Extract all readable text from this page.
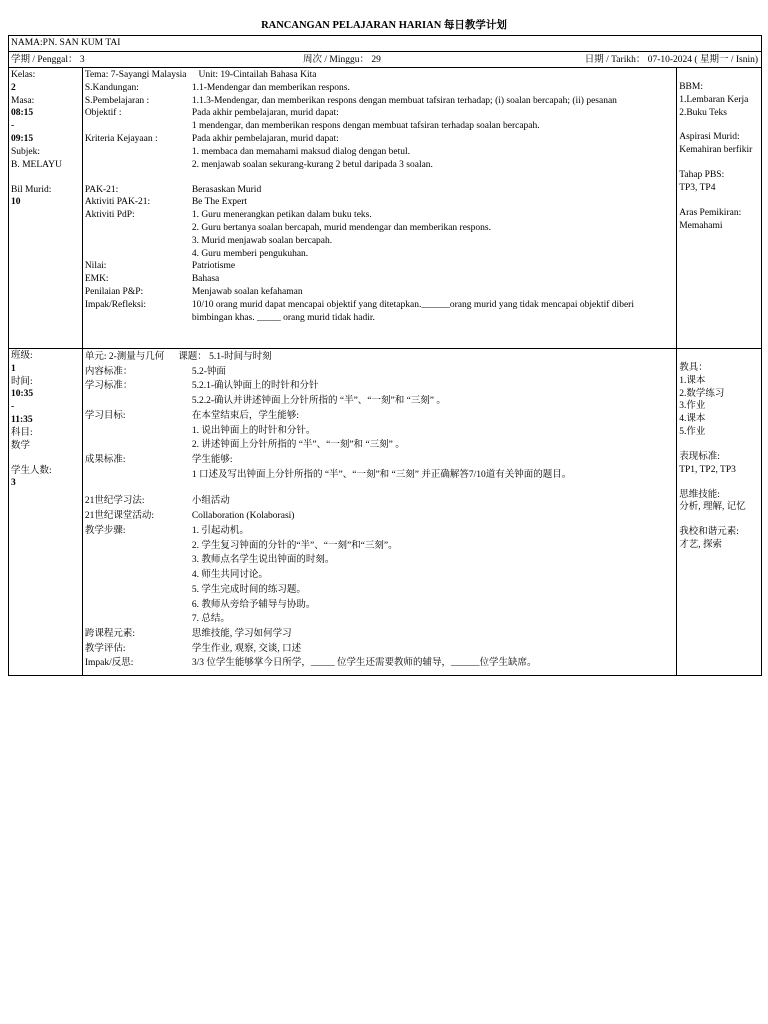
RANCANGAN PELAJARAN HARIAN 每日教学计划
NAMA:PN. SAN KUM TAI
学期 / Penggal： 3	周次 / Minggu： 29	日期 / Tarikh： 07-10-2024 ( 星期一 / Isnin)
Kelas:
2
Masa:
08:15
-
09:15
Subjek:
B. MELAYU
Bil Murid:
10
Tema: 7-Sayangi Malaysia Unit: 19-Cintailah Bahasa Kita
S.Kandungan:	1.1-Mendengar dan memberikan respons.
S.Pembelajaran :	1.1.3-Mendengar, dan memberikan respons dengan membuat tafsiran terhadap; (i) soalan bercapah; (ii) pesanan
Objektif :	Pada akhir pembelajaran, murid dapat:
1 mendengar, dan memberikan respons dengan membuat tafsiran terhadap soalan bercapah.
Kriteria Kejayaan :	Pada akhir pembelajaran, murid dapat:
1. membaca dan memahami maksud dialog dengan betul.
2. menjawab soalan sekurang-kurang 2 betul daripada 3 soalan.
PAK-21:	Berasaskan Murid
Aktiviti PAK-21:	Be The Expert
Aktiviti PdP:	1. Guru menerangkan petikan dalam buku teks.
2. Guru bertanya soalan bercapah, murid mendengar dan memberikan respons.
3. Murid menjawab soalan bercapah.
4. Guru memberi pengukuhan.
Nilai:	Patriotisme
EMK:	Bahasa
Penilaian P&P:	Menjawab soalan kefahaman
Impak/Refleksi:	10/10 orang murid dapat mencapai objektif yang ditetapkan.______orang murid yang tidak mencapai objektif diberi bimbingan khas. _____ orang murid tidak hadir.
BBM:
1.Lembaran Kerja
2.Buku Teks
Aspirasi Murid:
Kemahiran berfikir
Tahap PBS:
TP3, TP4
Aras Pemikiran:
Memahami
班级:
1
时间:
10:35
-
11:35
科目:
数学
学生人数:
3
单元: 2-测量与几何 课题： 5.1-时间与时刻
内容标准：	5.2-钟面
学习标准：	5.2.1-确认钟面上的时针和分针
5.2.2-确认并讲述钟面上分针所指的 “半”、“一刻”和 “三刻” 。
学习目标:	在本堂结束后，学生能够:
1. 说出钟面上的时针和分针。
2. 讲述钟面上分针所指的 “半”、“一刻”和 “三刻” 。
成果标准:	学生能够:
1 口述及写出钟面上分针所指的 “半”、“一刻”和 “三刻” 并正确解答7/10道有关钟面的题目。
21世纪学习法:	小组活动
21世纪课堂活动:	Collaboration (Kolaborasi)
教学步骤:	1. 引起动机。
2. 学生复习钟面的分针的“半”、“一刻”和“三刻”。
3. 教师点名学生说出钟面的时刻。
4. 师生共同讨论。
5. 学生完成时间的练习题。
6. 教师从旁给予辅导与协助。
7. 总结。
跨课程元素:	思维技能, 学习如何学习
教学评估:	学生作业, 观察, 交谈, 口述
Impak/反思:	3/3 位学生能够掌今日所学，_____ 位学生还需要教师的辅导，______位学生缺席。
教具：
1.课本
2.数学练习
3.作业
4.课本
5.作业
表现标准:
TP1, TP2, TP3
思维技能:
分析, 理解, 记忆
我校和谐元素:
才艺, 探索
